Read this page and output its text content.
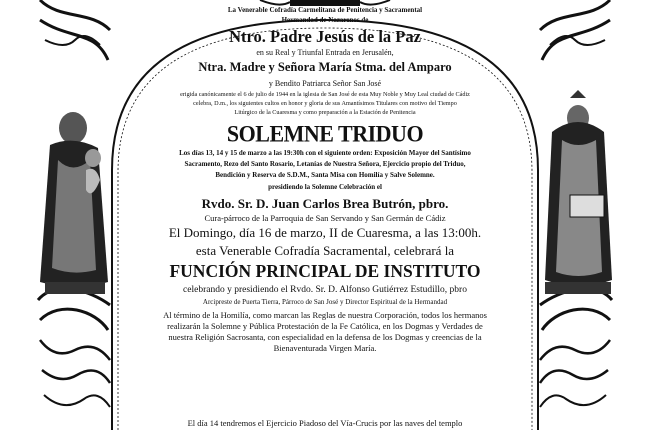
La Venerable Cofradía Carmelitana de Penitencia y Sacramental
Hermandad de Nazarenos de
Ntro. Padre Jesús de la Paz
en su Real y Triunfal Entrada en Jerusalén,
Ntra. Madre y Señora María Stma. del Amparo
y Bendito Patriarca Señor San José
erigida canónicamente el 6 de julio de 1944 en la iglesia de San José de esta Muy Noble y Muy Leal ciudad de Cádiz
celebra, D.m., los siguientes cultos en honor y gloria de sus Amantísimos Titulares con motivo del Tiempo
Litúrgico de la Cuaresma y como preparación a la Estación de Penitencia
SOLEMNE TRIDUO
Los días 13, 14 y 15 de marzo a las 19:30h con el siguiente orden: Exposición Mayor del Santísimo
Sacramento, Rezo del Santo Rosario, Letanías de Nuestra Señora, Ejercicio propio del Triduo,
Bendición y Reserva de S.D.M., Santa Misa con Homilía y Salve Solemne.
presidiendo la Solemne Celebración el
Rvdo. Sr. D. Juan Carlos Brea Butrón, pbro.
Cura-párroco de la Parroquia de San Servando y San Germán de Cádiz
El Domingo, día 16 de marzo, II de Cuaresma, a las 13:00h.
esta Venerable Cofradía Sacramental, celebrará la
FUNCIÓN PRINCIPAL DE INSTITUTO
celebrando y presidiendo el Rvdo. Sr. D. Alfonso Gutiérrez Estudillo, pbro
Arcipreste de Puerta Tierra, Párroco de San José y Director Espiritual de la Hermandad
Al término de la Homilía, como marcan las Reglas de nuestra Corporación, todos los hermanos
realizarán la Solemne y Pública Protestación de la Fe Católica, en los Dogmas y Verdades de
nuestra Religión Sacrosanta, con especialidad en la defensa de los Dogmas y creencias de la
Bienaventurada Virgen María.
El día 14 tendremos el Ejercicio Piadoso del Vía-Crucis por las naves del templo
